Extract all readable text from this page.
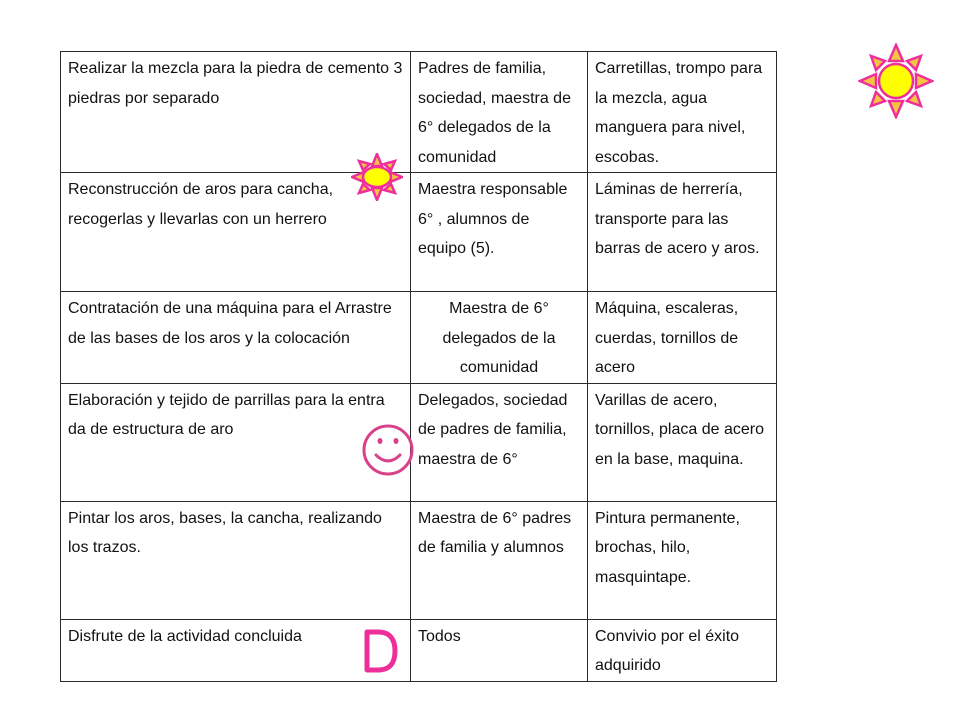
Realizar la mezcla para la piedra de cemento 3 piedras por separado	Padres de familia, sociedad, maestra de 6° delegados de la comunidad	Carretillas, trompo para la mezcla, agua manguera para nivel, escobas.
Reconstrucción de aros para cancha, recogerlas y llevarlas con un herrero	Maestra responsable 6° , alumnos de equipo (5).	Láminas de herrería, transporte para las barras de acero y aros.
Contratación de una máquina para el Arrastre de las bases de los aros y la colocación	Maestra de 6° delegados de la comunidad	Máquina, escaleras, cuerdas, tornillos de acero
Elaboración y tejido de parrillas para la entra da de estructura de aro	Delegados, sociedad de padres de familia, maestra de 6°	Varillas de acero, tornillos, placa de acero en la base, maquina.
Pintar los aros, bases, la cancha, realizando los trazos.	Maestra de 6° padres de familia y alumnos	Pintura permanente, brochas, hilo, masquintape.
Disfrute de la actividad concluida	Todos	Convivio por el éxito adquirido
